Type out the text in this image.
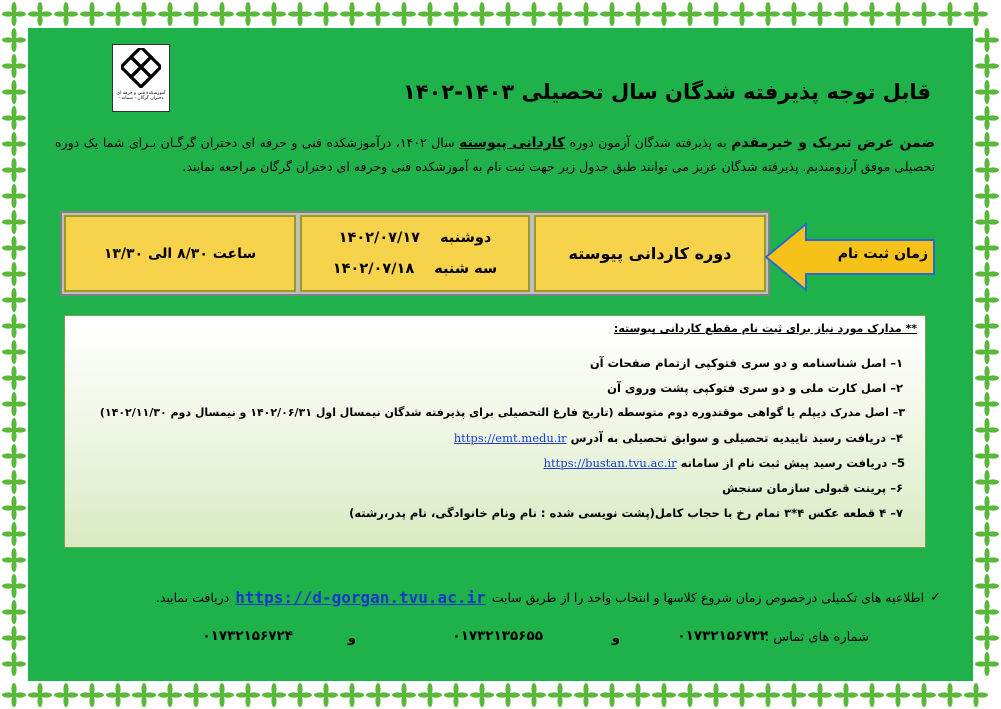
آموزشکده فنی و حرفه ای دختران گرگان - سمانه -	قابل توجه پذیرفته شدگان سال تحصیلی ۱۴۰۳-۱۴۰۲
ضمن عرض تبریک و خیرمقدم به پذیرفته شدگان آزمون دوره کاردانی پیوسته سال ۱۴۰۲، درآموزشکده فنی و حرفه ای دختران گرگـان بـرای شما یک دوره تحصیلی موفق آرزومندیم. پذیرفته شدگان عزیز می توانند طبق جدول زیر جهت ثبت نام به آموزشکده فنی وحرفه ای دختران گرگان مراجعه نمایند.
دوره کاردانی پیوسته
دوشنبه
۱۴۰۲/۰۷/۱۷
سه شنبه
۱۴۰۲/۰۷/۱۸
ساعت ۸/۳۰ الی ۱۳/۳۰	زمان ثبت نام
** مدارک مورد نیاز برای ثبت نام مقطع کاردانی پیوسته:
۱– اصل شناسنامه و دو سری فتوکپی ازتمام صفحات آن
۲– اصل کارت ملی و دو سری فتوکپی پشت وروی آن
۳– اصل مدرک دیپلم یا گواهی موقتدوره دوم متوسطه (تاریخ فارغ التحصیلی برای پذیرفته شدگان نیمسال اول ۱۴۰۲/۰۶/۳۱ و نیمسال دوم ۱۴۰۲/۱۱/۳۰)
۴– دریافت رسید تاییدیه تحصیلی و سوابق تحصیلی به آدرس https://emt.medu.ir
5– دریافت رسید پیش ثبت نام از سامانه https://bustan.tvu.ac.ir
۶– پرینت قبولی سازمان سنجش
۷– ۴ قطعه عکس ۴*۳ تمام رخ با حجاب کامل(پشت نویسی شده : نام ونام خانوادگی، نام پدر،رشته)
✓
اطلاعیه های تکمیلی درخصوص زمان شروع کلاسها و انتخاب واحد را از طریق سایت
https://d-gorgan.tvu.ac.ir
دریافت نمایید.
شماره های تماس :
۰۱۷۳۲۱۵۶۷۳۲
و
۰۱۷۳۲۱۳۵۶۵۵
و
۰۱۷۳۲۱۵۶۷۲۴
